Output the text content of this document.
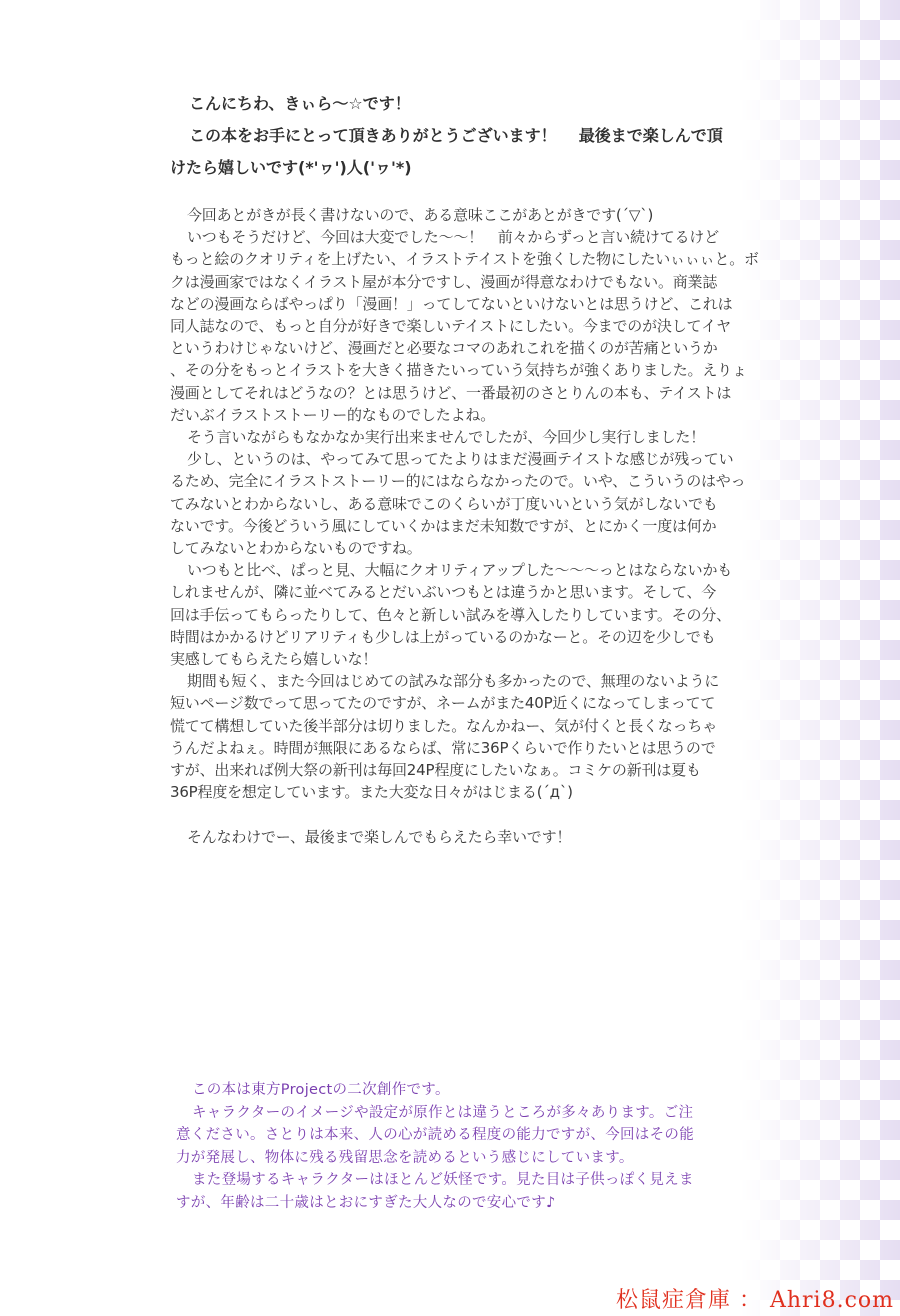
こんにちわ、きぃら～☆です！
この本をお手にとって頂きありがとうございます！ 最後まで楽しんで頂
けたら嬉しいです(*'ヮ')人('ヮ'*)
今回あとがきが長く書けないので、ある意味ここがあとがきです(´▽`)
いつもそうだけど、今回は大変でした～～！　前々からずっと言い続けてるけど
もっと絵のクオリティを上げたい、イラストテイストを強くした物にしたいぃぃぃと。ボ
クは漫画家ではなくイラスト屋が本分ですし、漫画が得意なわけでもない。商業誌
などの漫画ならばやっぱり「漫画！」ってしてないといけないとは思うけど、これは
同人誌なので、もっと自分が好きで楽しいテイストにしたい。今までのが決してイヤ
というわけじゃないけど、漫画だと必要なコマのあれこれを描くのが苦痛というか
、その分をもっとイラストを大きく描きたいっていう気持ちが強くありました。えりょ
漫画としてそれはどうなの？とは思うけど、一番最初のさとりんの本も、テイストは
だいぶイラストストーリー的なものでしたよね。
そう言いながらもなかなか実行出来ませんでしたが、今回少し実行しました！
少し、というのは、やってみて思ってたよりはまだ漫画テイストな感じが残ってい
るため、完全にイラストストーリー的にはならなかったので。いや、こういうのはやっ
てみないとわからないし、ある意味でこのくらいが丁度いいという気がしないでも
ないです。今後どういう風にしていくかはまだ未知数ですが、とにかく一度は何か
してみないとわからないものですね。
いつもと比べ、ぱっと見、大幅にクオリティアップした～～～っとはならないかも
しれませんが、隣に並べてみるとだいぶいつもとは違うかと思います。そして、今
回は手伝ってもらったりして、色々と新しい試みを導入したりしています。その分、
時間はかかるけどリアリティも少しは上がっているのかなーと。その辺を少しでも
実感してもらえたら嬉しいな！
期間も短く、また今回はじめての試みな部分も多かったので、無理のないように
短いページ数でって思ってたのですが、ネームがまた40P近くになってしまってて
慌てて構想していた後半部分は切りました。なんかねー、気が付くと長くなっちゃ
うんだよねぇ。時間が無限にあるならば、常に36Pくらいで作りたいとは思うので
すが、出来れば例大祭の新刊は毎回24P程度にしたいなぁ。コミケの新刊は夏も
36P程度を想定しています。また大変な日々がはじまる(´д`)
そんなわけでー、最後まで楽しんでもらえたら幸いです！
この本は東方Projectの二次創作です。
キャラクターのイメージや設定が原作とは違うところが多々あります。ご注
意ください。さとりは本来、人の心が読める程度の能力ですが、今回はその能
力が発展し、物体に残る残留思念を読めるという感じにしています。
また登場するキャラクターはほとんど妖怪です。見た目は子供っぽく見えま
すが、年齢は二十歳はとおにすぎた大人なので安心です♪
松鼠症倉庫 ： Ahri8.com
